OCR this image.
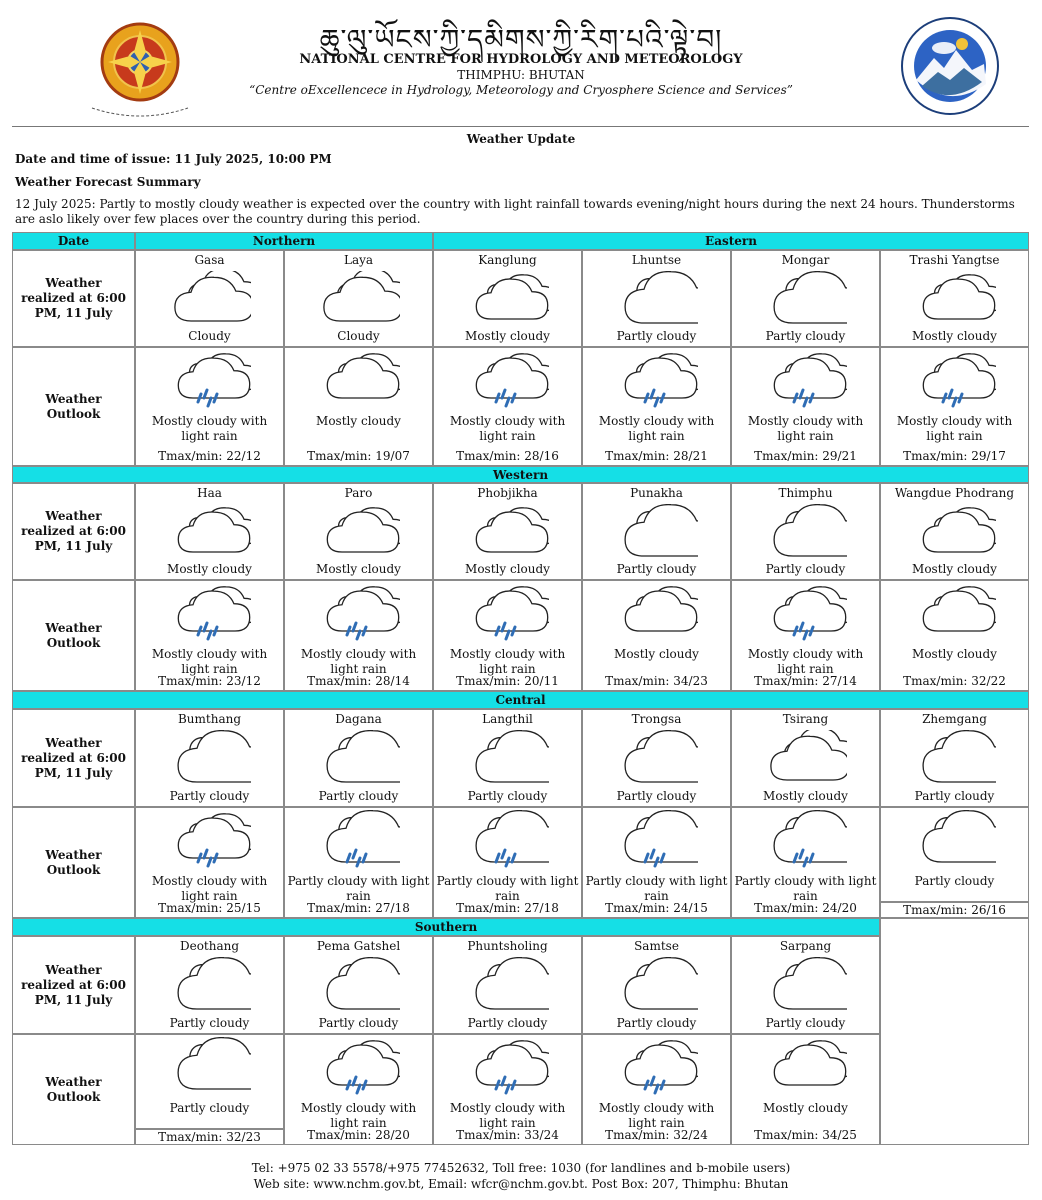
ཆུ་ལུ་ཡོངས་ཀྱི་དམིགས་ཀྱི་རིག་པའི་ལྟེ་བ།
NATIONAL CENTRE FOR HYDROLOGY AND METEOROLOGY
THIMPHU: BHUTAN
“Centre oExcellencece in Hydrology, Meteorology and Cryosphere Science and Services”
Weather Update
Date and time of issue: 11 July 2025, 10:00 PM
Weather Forecast Summary
12 July 2025: Partly to mostly cloudy weather is expected over the country with light rainfall towards evening/night hours during the next 24 hours. Thunderstorms are aslo likely over few places over the country during this period.
Date	Northern	Eastern
Western
Central
Southern
Weather realized at 6:00 PM, 11 July
Weather Outlook
Gasa
Cloudy
Mostly cloudy with light rain
Tmax/min: 22/12
Laya
Cloudy
Mostly cloudy
Tmax/min: 19/07
Kanglung
Mostly cloudy
Mostly cloudy with light rain
Tmax/min: 28/16
Lhuntse
Partly cloudy
Mostly cloudy with light rain
Tmax/min: 28/21
Mongar
Partly cloudy
Mostly cloudy with light rain
Tmax/min: 29/21
Trashi Yangtse
Mostly cloudy
Mostly cloudy with light rain
Tmax/min: 29/17
Weather realized at 6:00 PM, 11 July
Weather Outlook
Haa
Mostly cloudy
Mostly cloudy with light rain
Tmax/min: 23/12
Paro
Mostly cloudy
Mostly cloudy with light rain
Tmax/min: 28/14
Phobjikha
Mostly cloudy
Mostly cloudy with light rain
Tmax/min: 20/11
Punakha
Partly cloudy
Mostly cloudy
Tmax/min: 34/23
Thimphu
Partly cloudy
Mostly cloudy with light rain
Tmax/min: 27/14
Wangdue Phodrang
Mostly cloudy
Mostly cloudy
Tmax/min: 32/22
Weather realized at 6:00 PM, 11 July
Weather Outlook
Bumthang
Partly cloudy
Mostly cloudy with light rain
Tmax/min: 25/15
Dagana
Partly cloudy
Partly cloudy with light rain
Tmax/min: 27/18
Langthil
Partly cloudy
Partly cloudy with light rain
Tmax/min: 27/18
Trongsa
Partly cloudy
Partly cloudy with light rain
Tmax/min: 24/15
Tsirang
Mostly cloudy
Partly cloudy with light rain
Tmax/min: 24/20
Zhemgang
Partly cloudy
Partly cloudy
Tmax/min: 26/16
Weather realized at 6:00 PM, 11 July
Weather Outlook
Deothang
Partly cloudy
Partly cloudy
Tmax/min: 32/23
Pema Gatshel
Partly cloudy
Mostly cloudy with light rain
Tmax/min: 28/20
Phuntsholing
Partly cloudy
Mostly cloudy with light rain
Tmax/min: 33/24
Samtse
Partly cloudy
Mostly cloudy with light rain
Tmax/min: 32/24
Sarpang
Partly cloudy
Mostly cloudy
Tmax/min: 34/25
Tel: +975 02 33 5578/+975 77452632, Toll free: 1030 (for landlines and b-mobile users)
Web site: www.nchm.gov.bt, Email: wfcr@nchm.gov.bt. Post Box: 207, Thimphu: Bhutan
